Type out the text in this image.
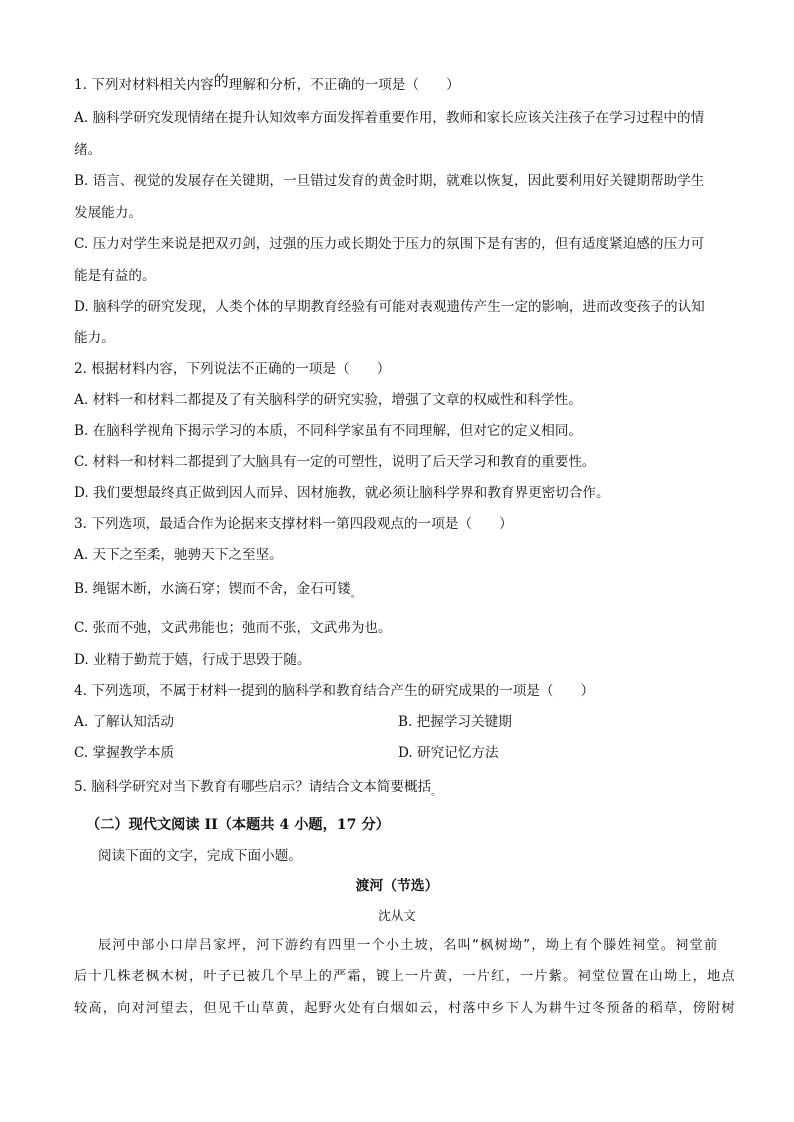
1. 下列对材料相关内容的理解和分析，不正确的一项是（　　）
A. 脑科学研究发现情绪在提升认知效率方面发挥着重要作用，教师和家长应该关注孩子在学习过程中的情
绪。
B. 语言、视觉的发展存在关键期，一旦错过发育的黄金时期，就难以恢复，因此要利用好关键期帮助学生
发展能力。
C. 压力对学生来说是把双刃剑，过强的压力或长期处于压力的氛围下是有害的，但有适度紧迫感的压力可
能是有益的。
D. 脑科学的研究发现，人类个体的早期教育经验有可能对表观遗传产生一定的影响，进而改变孩子的认知
能力。
2. 根据材料内容，下列说法不正确的一项是（　　）
A. 材料一和材料二都提及了有关脑科学的研究实验，增强了文章的权威性和科学性。
B. 在脑科学视角下揭示学习的本质，不同科学家虽有不同理解，但对它的定义相同。
C. 材料一和材料二都提到了大脑具有一定的可塑性，说明了后天学习和教育的重要性。
D. 我们要想最终真正做到因人而异、因材施教，就必须让脑科学界和教育界更密切合作。
3. 下列选项，最适合作为论据来支撑材料一第四段观点的一项是（　　）
A. 天下之至柔，驰骋天下之至坚。
B. 绳锯木断，水滴石穿；锲而不舍，金石可镂$_。$
C. 张而不弛，文武弗能也；弛而不张，文武弗为也。
D. 业精于勤荒于嬉，行成于思毁于随。
4. 下列选项，不属于材料一提到的脑科学和教育结合产生的研究成果的一项是（　　）
A. 了解认知活动	B. 把握学习关键期
C. 掌握教学本质	D. 研究记忆方法
5. 脑科学研究对当下教育有哪些启示？请结合文本简要概括$_。$
（二）现代文阅读 II（本题共 4 小题，17 分）
阅读下面的文字，完成下面小题。
渡河（节选）
沈从文
辰河中部小口岸吕家坪，河下游约有四里一个小土坡，名叫“枫树坳”，坳上有个滕姓祠堂。祠堂前
后十几株老枫木树，叶子已被几个早上的严霜，镀上一片黄，一片红，一片紫。祠堂位置在山坳上，地点
较高，向对河望去，但见千山草黄，起野火处有白烟如云，村落中乡下人为耕牛过冬预备的稻草，傍附树
